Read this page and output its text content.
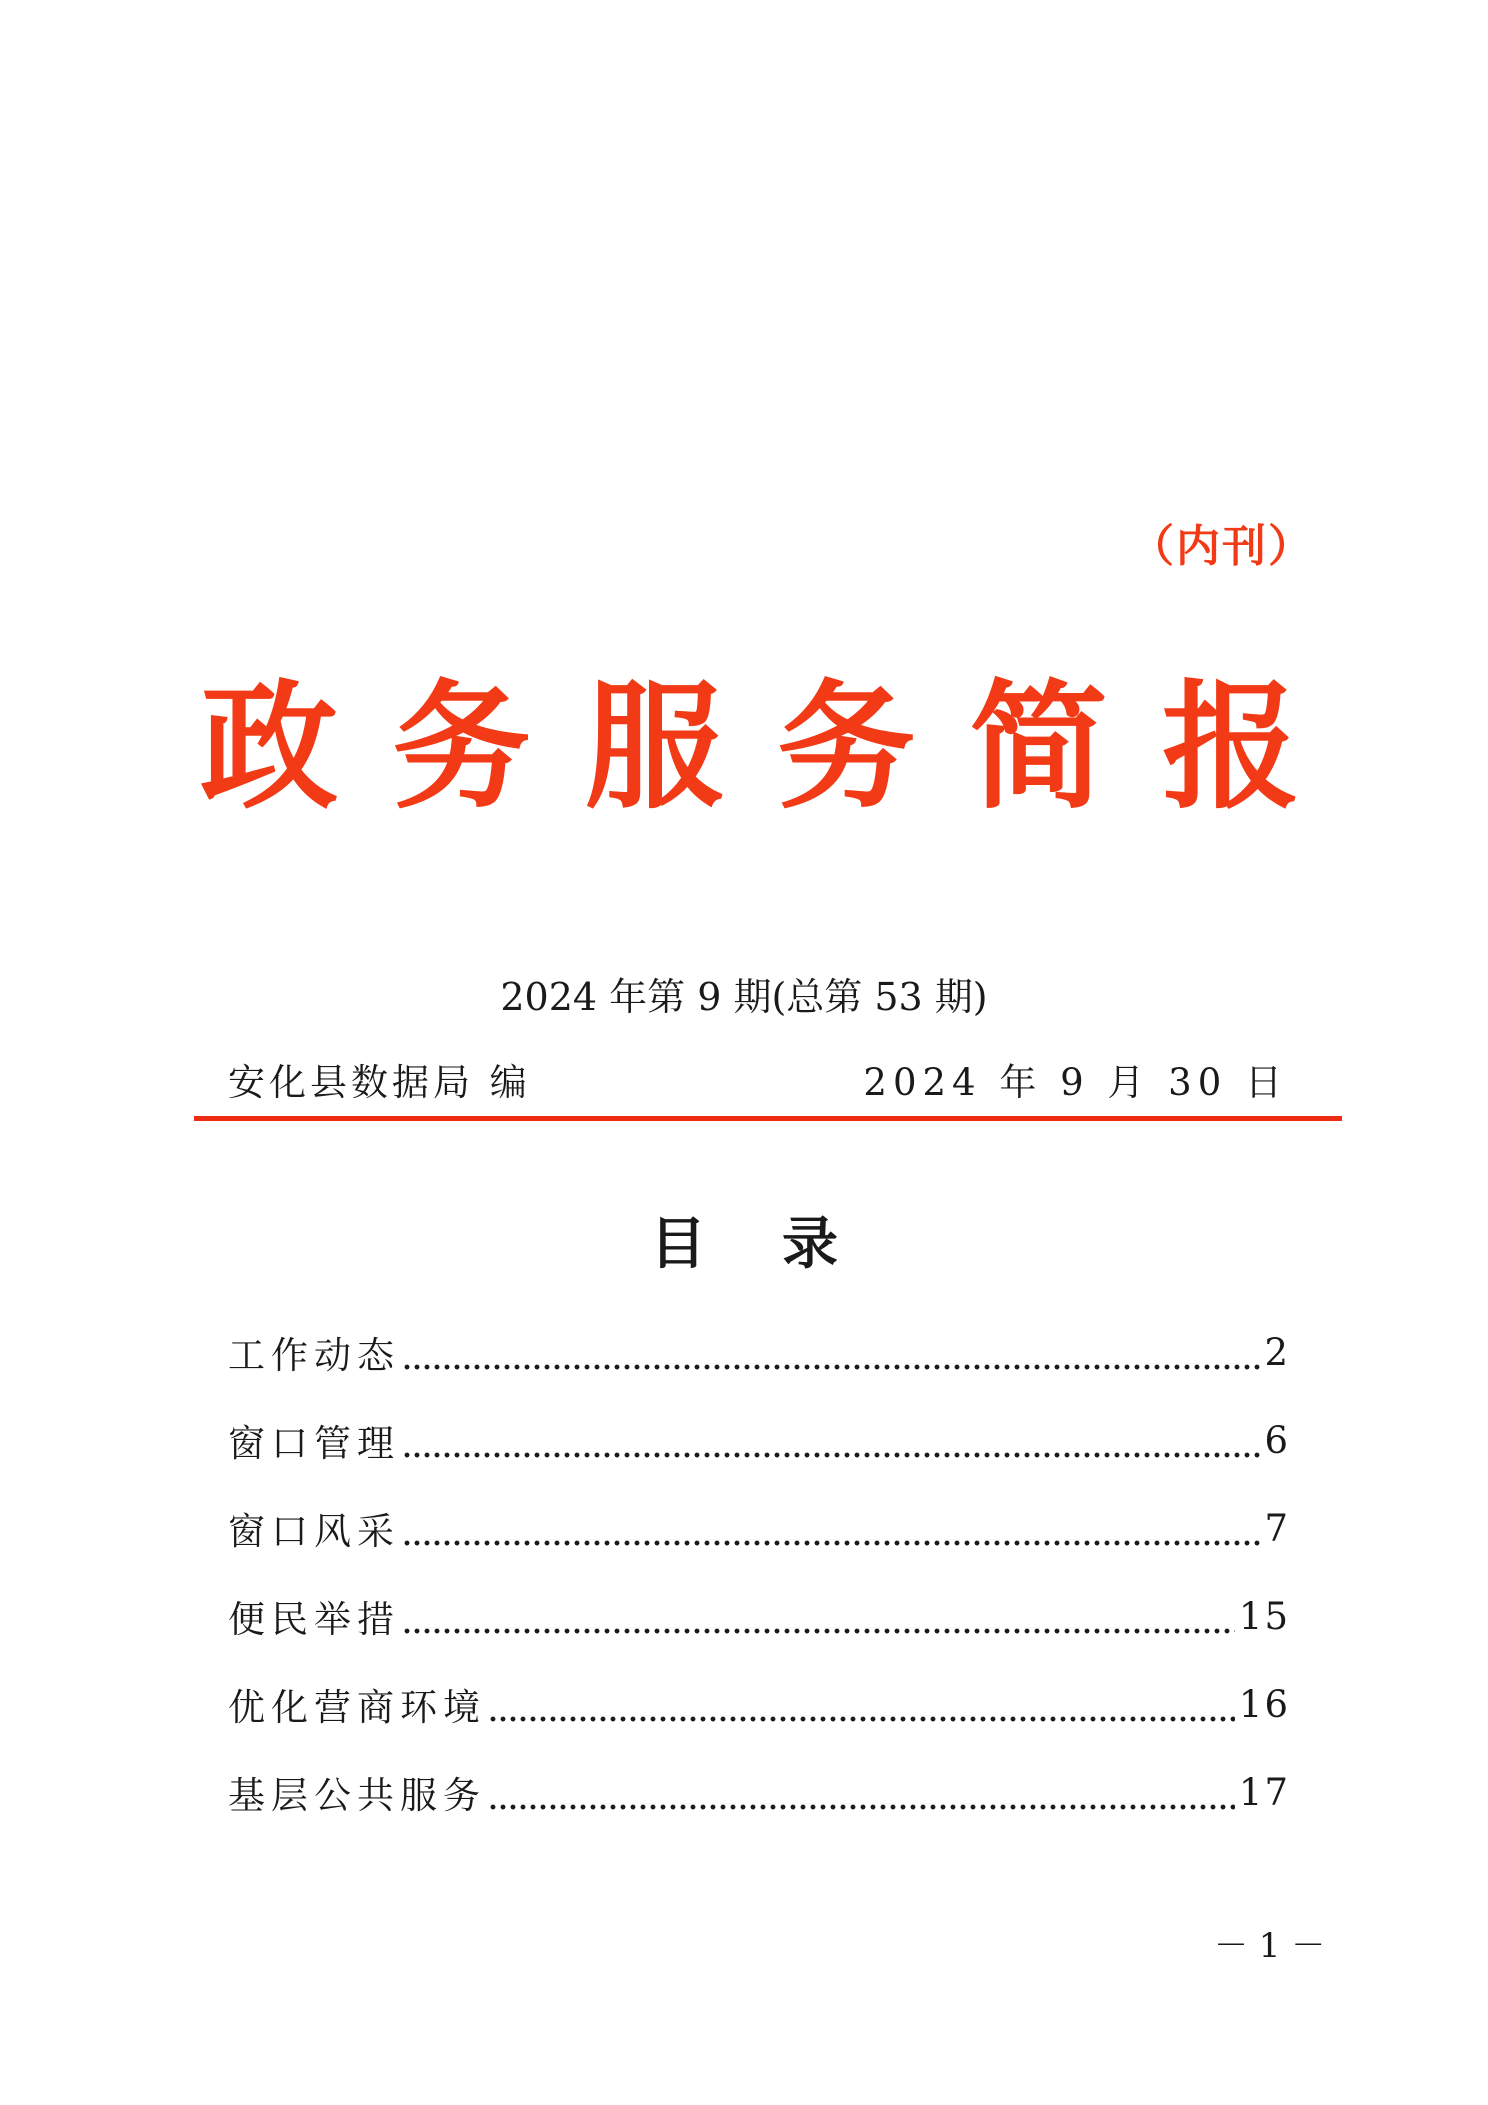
（内刊）
政 务 服 务 简 报
2024 年第 9 期(总第 53 期)
安化县数据局 编	2024 年 9 月 30 日
目 录
工作动态	2
窗口管理	6
窗口风采	7
便民举措	15
优化营商环境	16
基层公共服务	17
－ 1 －
